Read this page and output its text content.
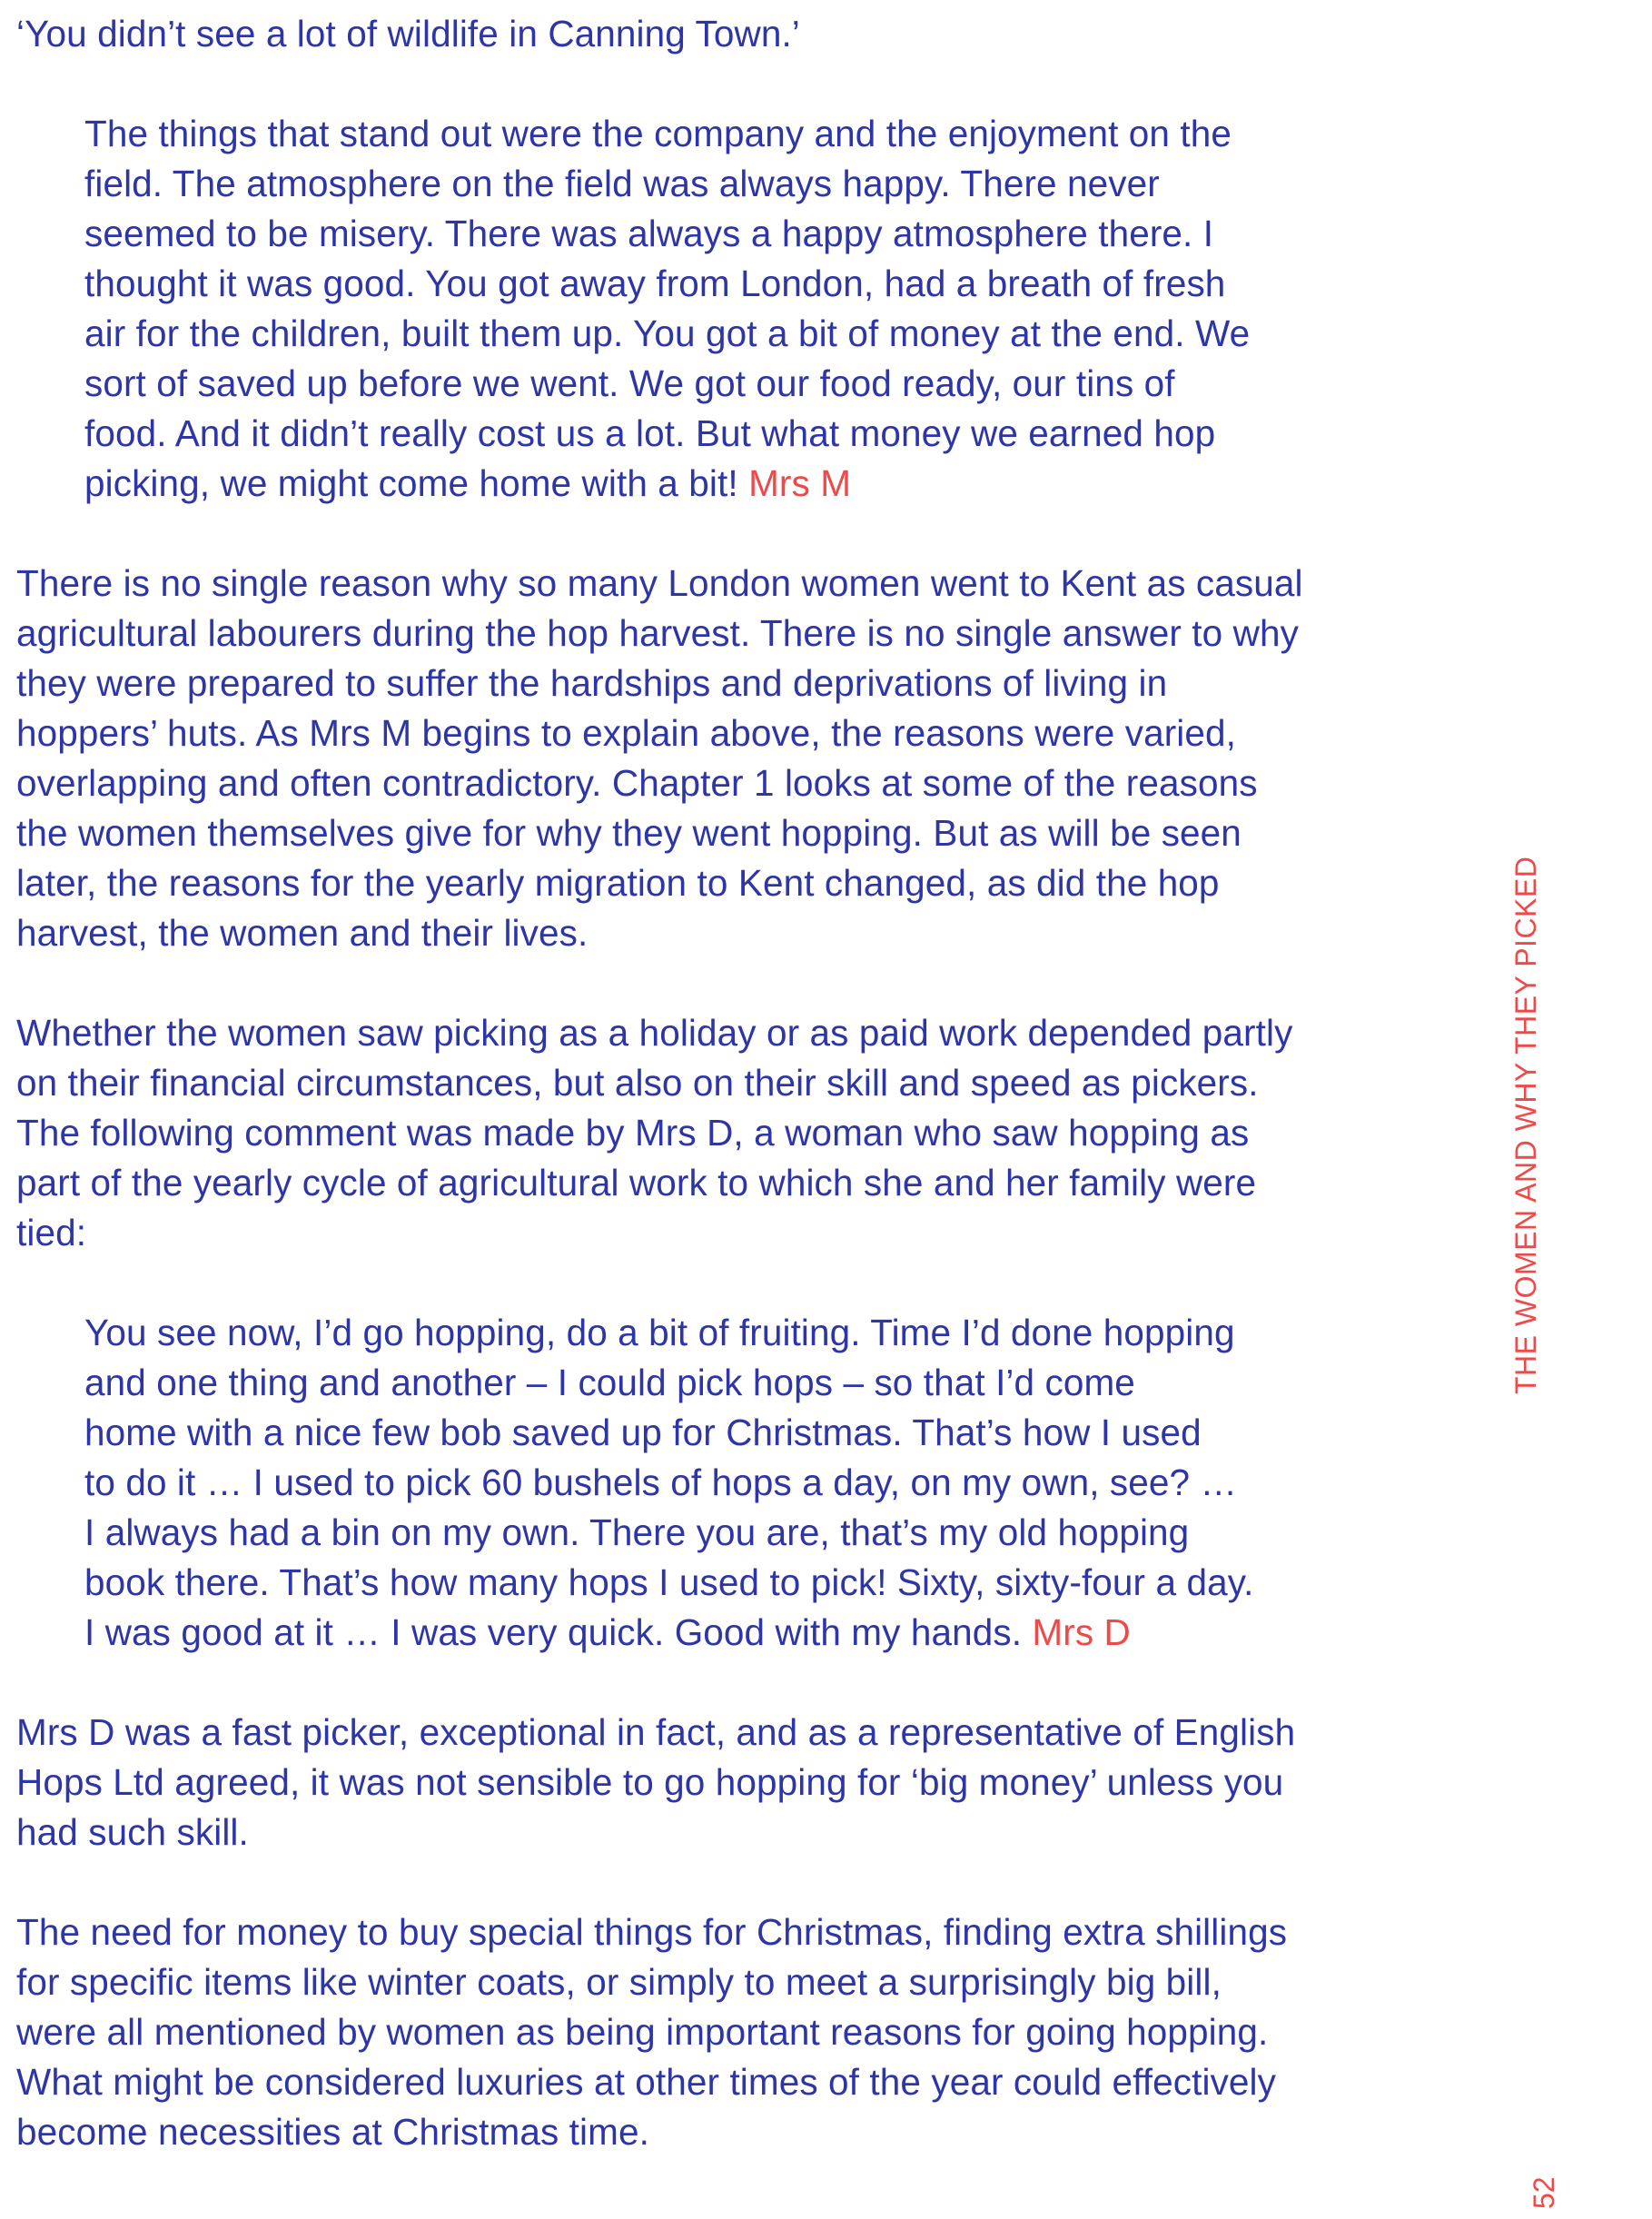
‘You didn’t see a lot of wildlife in Canning Town.’

The things that stand out were the company and the enjoyment on the
field. The atmosphere on the field was always happy. There never
seemed to be misery. There was always a happy atmosphere there. I
thought it was good. You got away from London, had a breath of fresh
air for the children, built them up. You got a bit of money at the end. We
sort of saved up before we went. We got our food ready, our tins of
food. And it didn’t really cost us a lot. But what money we earned hop
picking, we might come home with a bit! Mrs M

There is no single reason why so many London women went to Kent as casual
agricultural labourers during the hop harvest. There is no single answer to why
they were prepared to suffer the hardships and deprivations of living in
hoppers’ huts. As Mrs M begins to explain above, the reasons were varied,
overlapping and often contradictory. Chapter 1 looks at some of the reasons
the women themselves give for why they went hopping. But as will be seen
later, the reasons for the yearly migration to Kent changed, as did the hop
harvest, the women and their lives.

Whether the women saw picking as a holiday or as paid work depended partly
on their financial circumstances, but also on their skill and speed as pickers.
The following comment was made by Mrs D, a woman who saw hopping as
part of the yearly cycle of agricultural work to which she and her family were
tied:

You see now, I’d go hopping, do a bit of fruiting. Time I’d done hopping
and one thing and another – I could pick hops – so that I’d come
home with a nice few bob saved up for Christmas. That’s how I used
to do it … I used to pick 60 bushels of hops a day, on my own, see? …
I always had a bin on my own. There you are, that’s my old hopping
book there. That’s how many hops I used to pick! Sixty, sixty-four a day.
I was good at it … I was very quick. Good with my hands. Mrs D

Mrs D was a fast picker, exceptional in fact, and as a representative of English
Hops Ltd agreed, it was not sensible to go hopping for ‘big money’ unless you
had such skill.

The need for money to buy special things for Christmas, finding extra shillings
for specific items like winter coats, or simply to meet a surprisingly big bill,
were all mentioned by women as being important reasons for going hopping.
What might be considered luxuries at other times of the year could effectively
become necessities at Christmas time.

THE WOMEN AND WHY THEY PICKED
52
